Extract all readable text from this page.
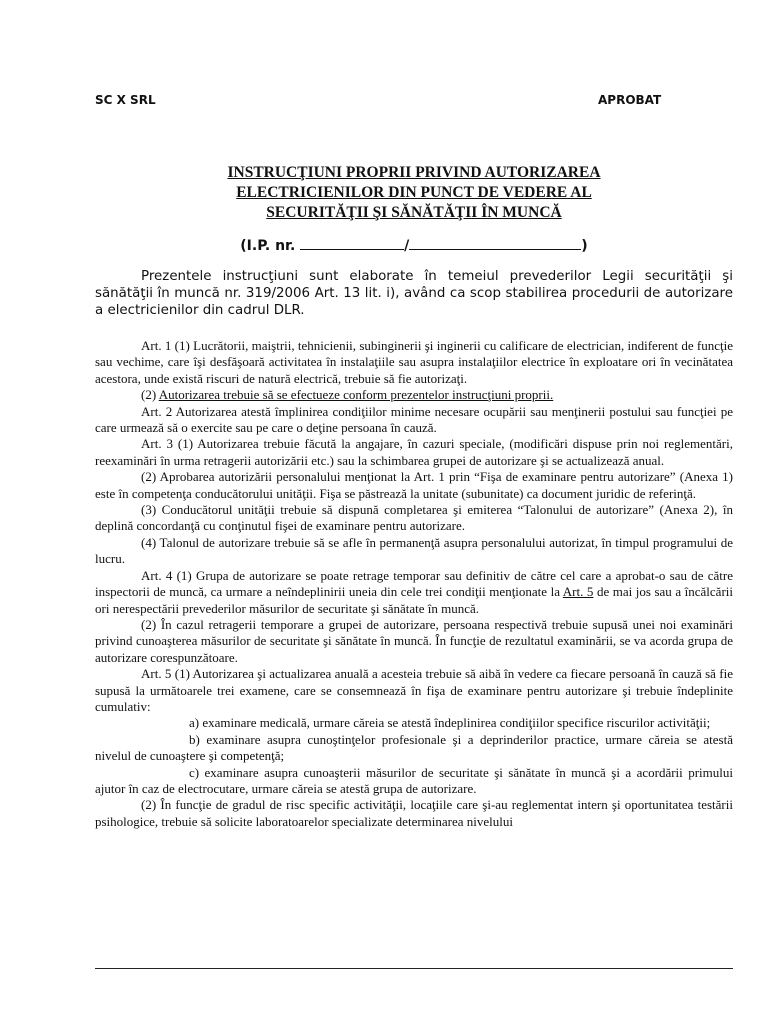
SC X SRL	APROBAT
INSTRUCŢIUNI PROPRII PRIVIND AUTORIZAREA
ELECTRICIENILOR DIN PUNCT DE VEDERE AL
SECURITĂŢII ŞI SĂNĂTĂŢII ÎN MUNCĂ
(I.P. nr.	/	)

Prezentele instrucţiuni sunt elaborate în temeiul prevederilor Legii securităţii şi sănătăţii în muncă nr. 319/2006 Art. 13 lit. i), având ca scop stabilirea procedurii de autorizare a electricienilor din cadrul DLR.

Art. 1 (1) Lucrătorii, maiştrii, tehnicienii, subinginerii şi inginerii cu calificare de electrician, indiferent de funcţie sau vechime, care îşi desfăşoară activitatea în instalaţiile sau asupra instalaţiilor electrice în exploatare ori în vecinătatea acestora, unde există riscuri de natură electrică, trebuie să fie autorizaţi.

(2) Autorizarea trebuie să se efectueze conform prezentelor instrucţiuni proprii.

Art. 2 Autorizarea atestă împlinirea condiţiilor minime necesare ocupării sau menţinerii postului sau funcţiei pe care urmează să o exercite sau pe care o deţine persoana în cauză.

Art. 3 (1) Autorizarea trebuie făcută la angajare, în cazuri speciale, (modificări dispuse prin noi reglementări, reexaminări în urma retragerii autorizării etc.) sau la schimbarea grupei de autorizare şi se actualizează anual.

(2) Aprobarea autorizării personalului menţionat la Art. 1 prin “Fişa de examinare pentru autorizare” (Anexa 1) este în competenţa conducătorului unităţii. Fişa se păstrează la unitate (subunitate) ca document juridic de referinţă.

(3) Conducătorul unităţii trebuie să dispună completarea şi emiterea “Talonului de autorizare” (Anexa 2), în deplină concordanţă cu conţinutul fişei de examinare pentru autorizare.

(4) Talonul de autorizare trebuie să se afle în permanenţă asupra personalului autorizat, în timpul programului de lucru.

Art. 4 (1) Grupa de autorizare se poate retrage temporar sau definitiv de către cel care a aprobat-o sau de către inspectorii de muncă, ca urmare a neîndeplinirii uneia din cele trei condiţii menţionate la Art. 5 de mai jos sau a încălcării ori nerespectării prevederilor măsurilor de securitate şi sănătate în muncă.

(2) În cazul retragerii temporare a grupei de autorizare, persoana respectivă trebuie supusă unei noi examinări privind cunoaşterea măsurilor de securitate şi sănătate în muncă. În funcţie de rezultatul examinării, se va acorda grupa de autorizare corespunzătoare.

Art. 5 (1) Autorizarea şi actualizarea anuală a acesteia trebuie să aibă în vedere ca fiecare persoană în cauză să fie supusă la următoarele trei examene, care se consemnează în fişa de examinare pentru autorizare şi trebuie îndeplinite cumulativ:

a) examinare medicală, urmare căreia se atestă îndeplinirea condiţiilor specifice riscurilor activităţii;

b) examinare asupra cunoştinţelor profesionale şi a deprinderilor practice, urmare căreia se atestă nivelul de cunoaştere şi competenţă;

c) examinare asupra cunoaşterii măsurilor de securitate şi sănătate în muncă şi a acordării primului ajutor în caz de electrocutare, urmare căreia se atestă grupa de autorizare.

(2) În funcţie de gradul de risc specific activităţii, locaţiile care şi-au reglementat intern şi oportunitatea testării psihologice, trebuie să solicite laboratoarelor specializate determinarea nivelului
